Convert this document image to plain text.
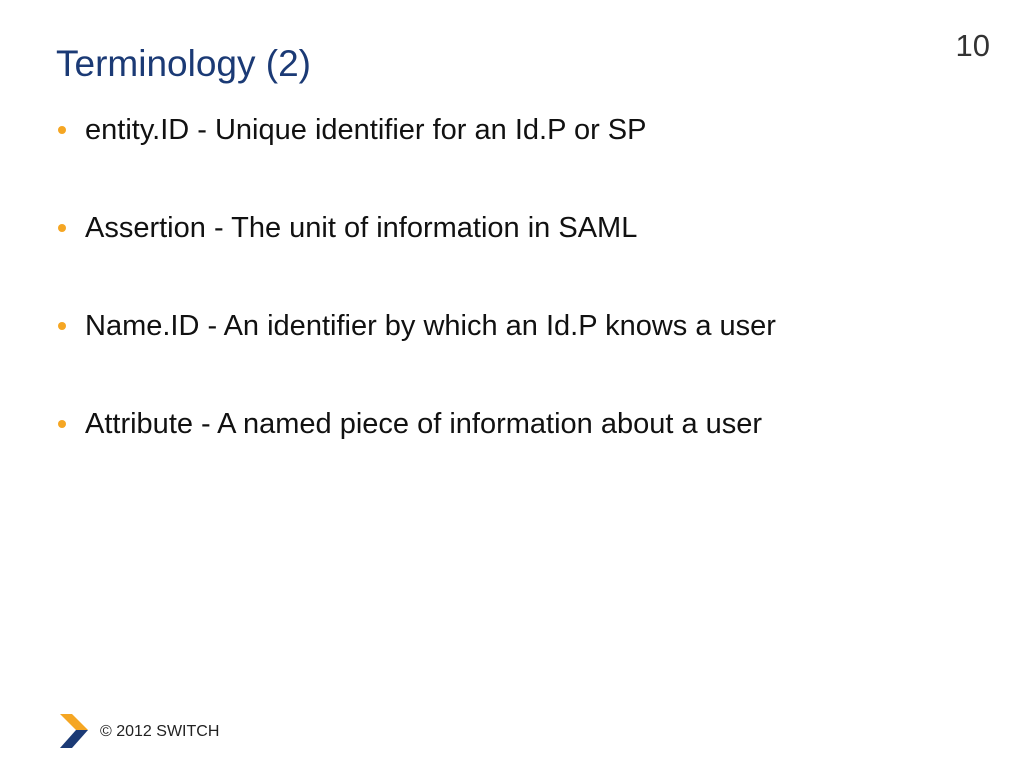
Terminology (2)	10
entity.ID - Unique identifier for an Id.P or SP
Assertion - The unit of information in SAML
Name.ID - An identifier by which an Id.P knows a user
Attribute - A named piece of information about a user
© 2012 SWITCH
